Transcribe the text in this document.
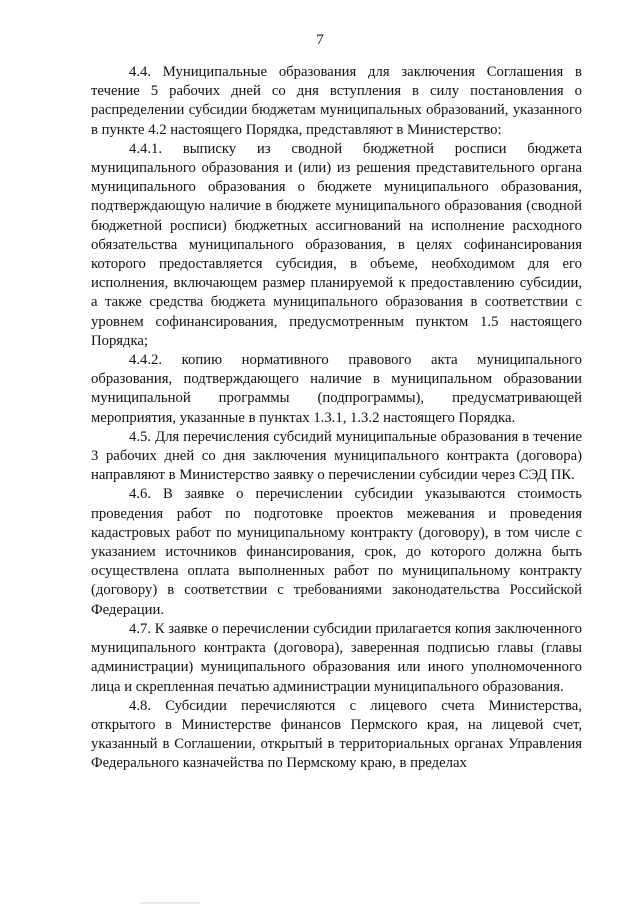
7

4.4. Муниципальные образования для заключения Соглашения в течение 5 рабочих дней со дня вступления в силу постановления о распределении субсидии бюджетам муниципальных образований, указанного в пункте 4.2 настоящего Порядка, представляют в Министерство:

4.4.1. выписку из сводной бюджетной росписи бюджета муниципального образования и (или) из решения представительного органа муниципального образования о бюджете муниципального образования, подтверждающую наличие в бюджете муниципального образования (сводной бюджетной росписи) бюджетных ассигнований на исполнение расходного обязательства муниципального образования, в целях софинансирования которого предоставляется субсидия, в объеме, необходимом для его исполнения, включающем размер планируемой к предоставлению субсидии, а также средства бюджета муниципального образования в соответствии с уровнем софинансирования, предусмотренным пунктом 1.5 настоящего Порядка;

4.4.2. копию нормативного правового акта муниципального образования, подтверждающего наличие в муниципальном образовании муниципальной программы (подпрограммы), предусматривающей мероприятия, указанные в пунктах 1.3.1, 1.3.2 настоящего Порядка.

4.5. Для перечисления субсидий муниципальные образования в течение 3 рабочих дней со дня заключения муниципального контракта (договора) направляют в Министерство заявку о перечислении субсидии через СЭД ПК.

4.6. В заявке о перечислении субсидии указываются стоимость проведения работ по подготовке проектов межевания и проведения кадастровых работ по муниципальному контракту (договору), в том числе с указанием источников финансирования, срок, до которого должна быть осуществлена оплата выполненных работ по муниципальному контракту (договору) в соответствии с требованиями законодательства Российской Федерации.

4.7. К заявке о перечислении субсидии прилагается копия заключенного муниципального контракта (договора), заверенная подписью главы (главы администрации) муниципального образования или иного уполномоченного лица и скрепленная печатью администрации муниципального образования.

4.8. Субсидии перечисляются с лицевого счета Министерства, открытого в Министерстве финансов Пермского края, на лицевой счет, указанный в Соглашении, открытый в территориальных органах Управления Федерального казначейства по Пермскому краю, в пределах
